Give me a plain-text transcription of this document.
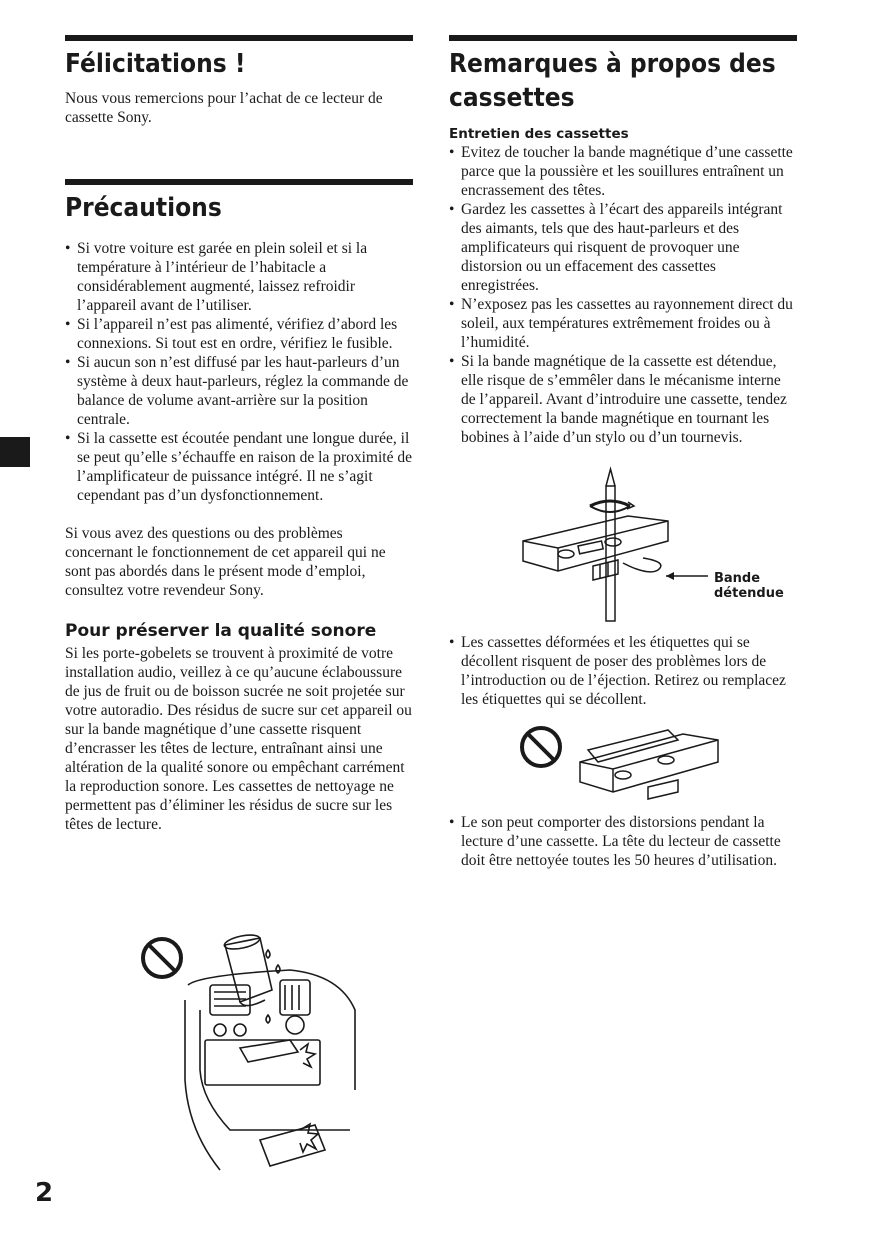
Félicitations !

Nous vous remercions pour l’achat de ce lecteur de cassette Sony.

Précautions
• Si votre voiture est garée en plein soleil et si la température à l’intérieur de l’habitacle a considérablement augmenté, laissez refroidir l’appareil avant de l’utiliser.
• Si l’appareil n’est pas alimenté, vérifiez d’abord les connexions. Si tout est en ordre, vérifiez le fusible.
• Si aucun son n’est diffusé par les haut-parleurs d’un système à deux haut-parleurs, réglez la commande de balance de volume avant-arrière sur la position centrale.
• Si la cassette est écoutée pendant une longue durée, il se peut qu’elle s’échauffe en raison de la proximité de l’amplificateur de puissance intégré. Il ne s’agit cependant pas d’un dysfonctionnement.

Si vous avez des questions ou des problèmes concernant le fonctionnement de cet appareil qui ne sont pas abordés dans le présent mode d’emploi, consultez votre revendeur Sony.

Pour préserver la qualité sonore

Si les porte-gobelets se trouvent à proximité de votre installation audio, veillez à ce qu’aucune éclaboussure de jus de fruit ou de boisson sucrée ne soit projetée sur votre autoradio. Des résidus de sucre sur cet appareil ou sur la bande magnétique d’une cassette risquent d’encrasser les têtes de lecture, entraînant ainsi une altération de la qualité sonore ou empêchant carrément la reproduction sonore. Les cassettes de nettoyage ne permettent pas d’éliminer les résidus de sucre sur les têtes de lecture.

Remarques à propos des cassettes
Entretien des cassettes
• Evitez de toucher la bande magnétique d’une cassette parce que la poussière et les souillures entraînent un encrassement des têtes.
• Gardez les cassettes à l’écart des appareils intégrant des aimants, tels que des haut-parleurs et des amplificateurs qui risquent de provoquer une distorsion ou un effacement des cassettes enregistrées.
• N’exposez pas les cassettes au rayonnement direct du soleil, aux températures extrêmement froides ou à l’humidité.
• Si la bande magnétique de la cassette est détendue, elle risque de s’emmêler dans le mécanisme interne de l’appareil. Avant d’introduire une cassette, tendez correctement la bande magnétique en tournant les bobines à l’aide d’un stylo ou d’un tournevis.
• Les cassettes déformées et les étiquettes qui se décollent risquent de poser des problèmes lors de l’introduction ou de l’éjection. Retirez ou remplacez les étiquettes qui se décollent.
• Le son peut comporter des distorsions pendant la lecture d’une cassette. La tête du lecteur de cassette doit être nettoyée toutes les 50 heures d’utilisation.
Bande
détendue
2
